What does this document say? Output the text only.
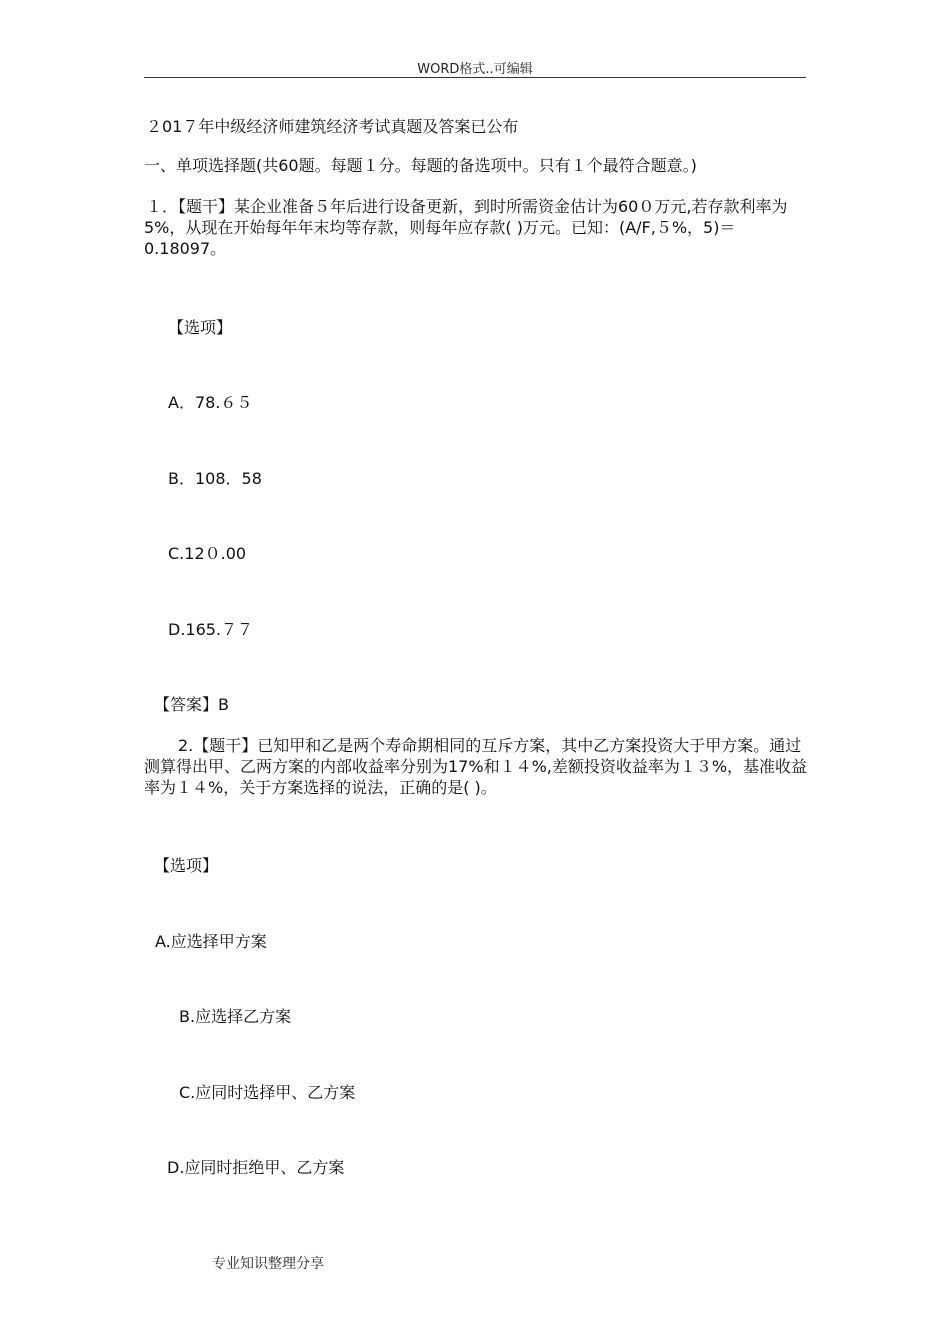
WORD格式..可编辑
２01７年中级经济师建筑经济考试真题及答案已公布
一、单项选择题(共60题。每题１分。每题的备选项中。只有１个最符合题意。)
１．【题干】某企业准备５年后进行设备更新，到时所需资金估计为60０万元,若存款利率为5%，从现在开始每年年末均等存款，则每年应存款( )万元。已知：(A/F,５%，5)＝0.18097。
【选项】
A．78.６５
B．108．58
C.12０.00
D.165.７７
【答案】B
2.【题干】已知甲和乙是两个寿命期相同的互斥方案，其中乙方案投资大于甲方案。通过测算得出甲、乙两方案的内部收益率分别为17%和１４%,差额投资收益率为１３%，基准收益率为１４%，关于方案选择的说法，正确的是( )。
【选项】
A.应选择甲方案
B.应选择乙方案
C.应同时选择甲、乙方案
D.应同时拒绝甲、乙方案
专业知识整理分享
